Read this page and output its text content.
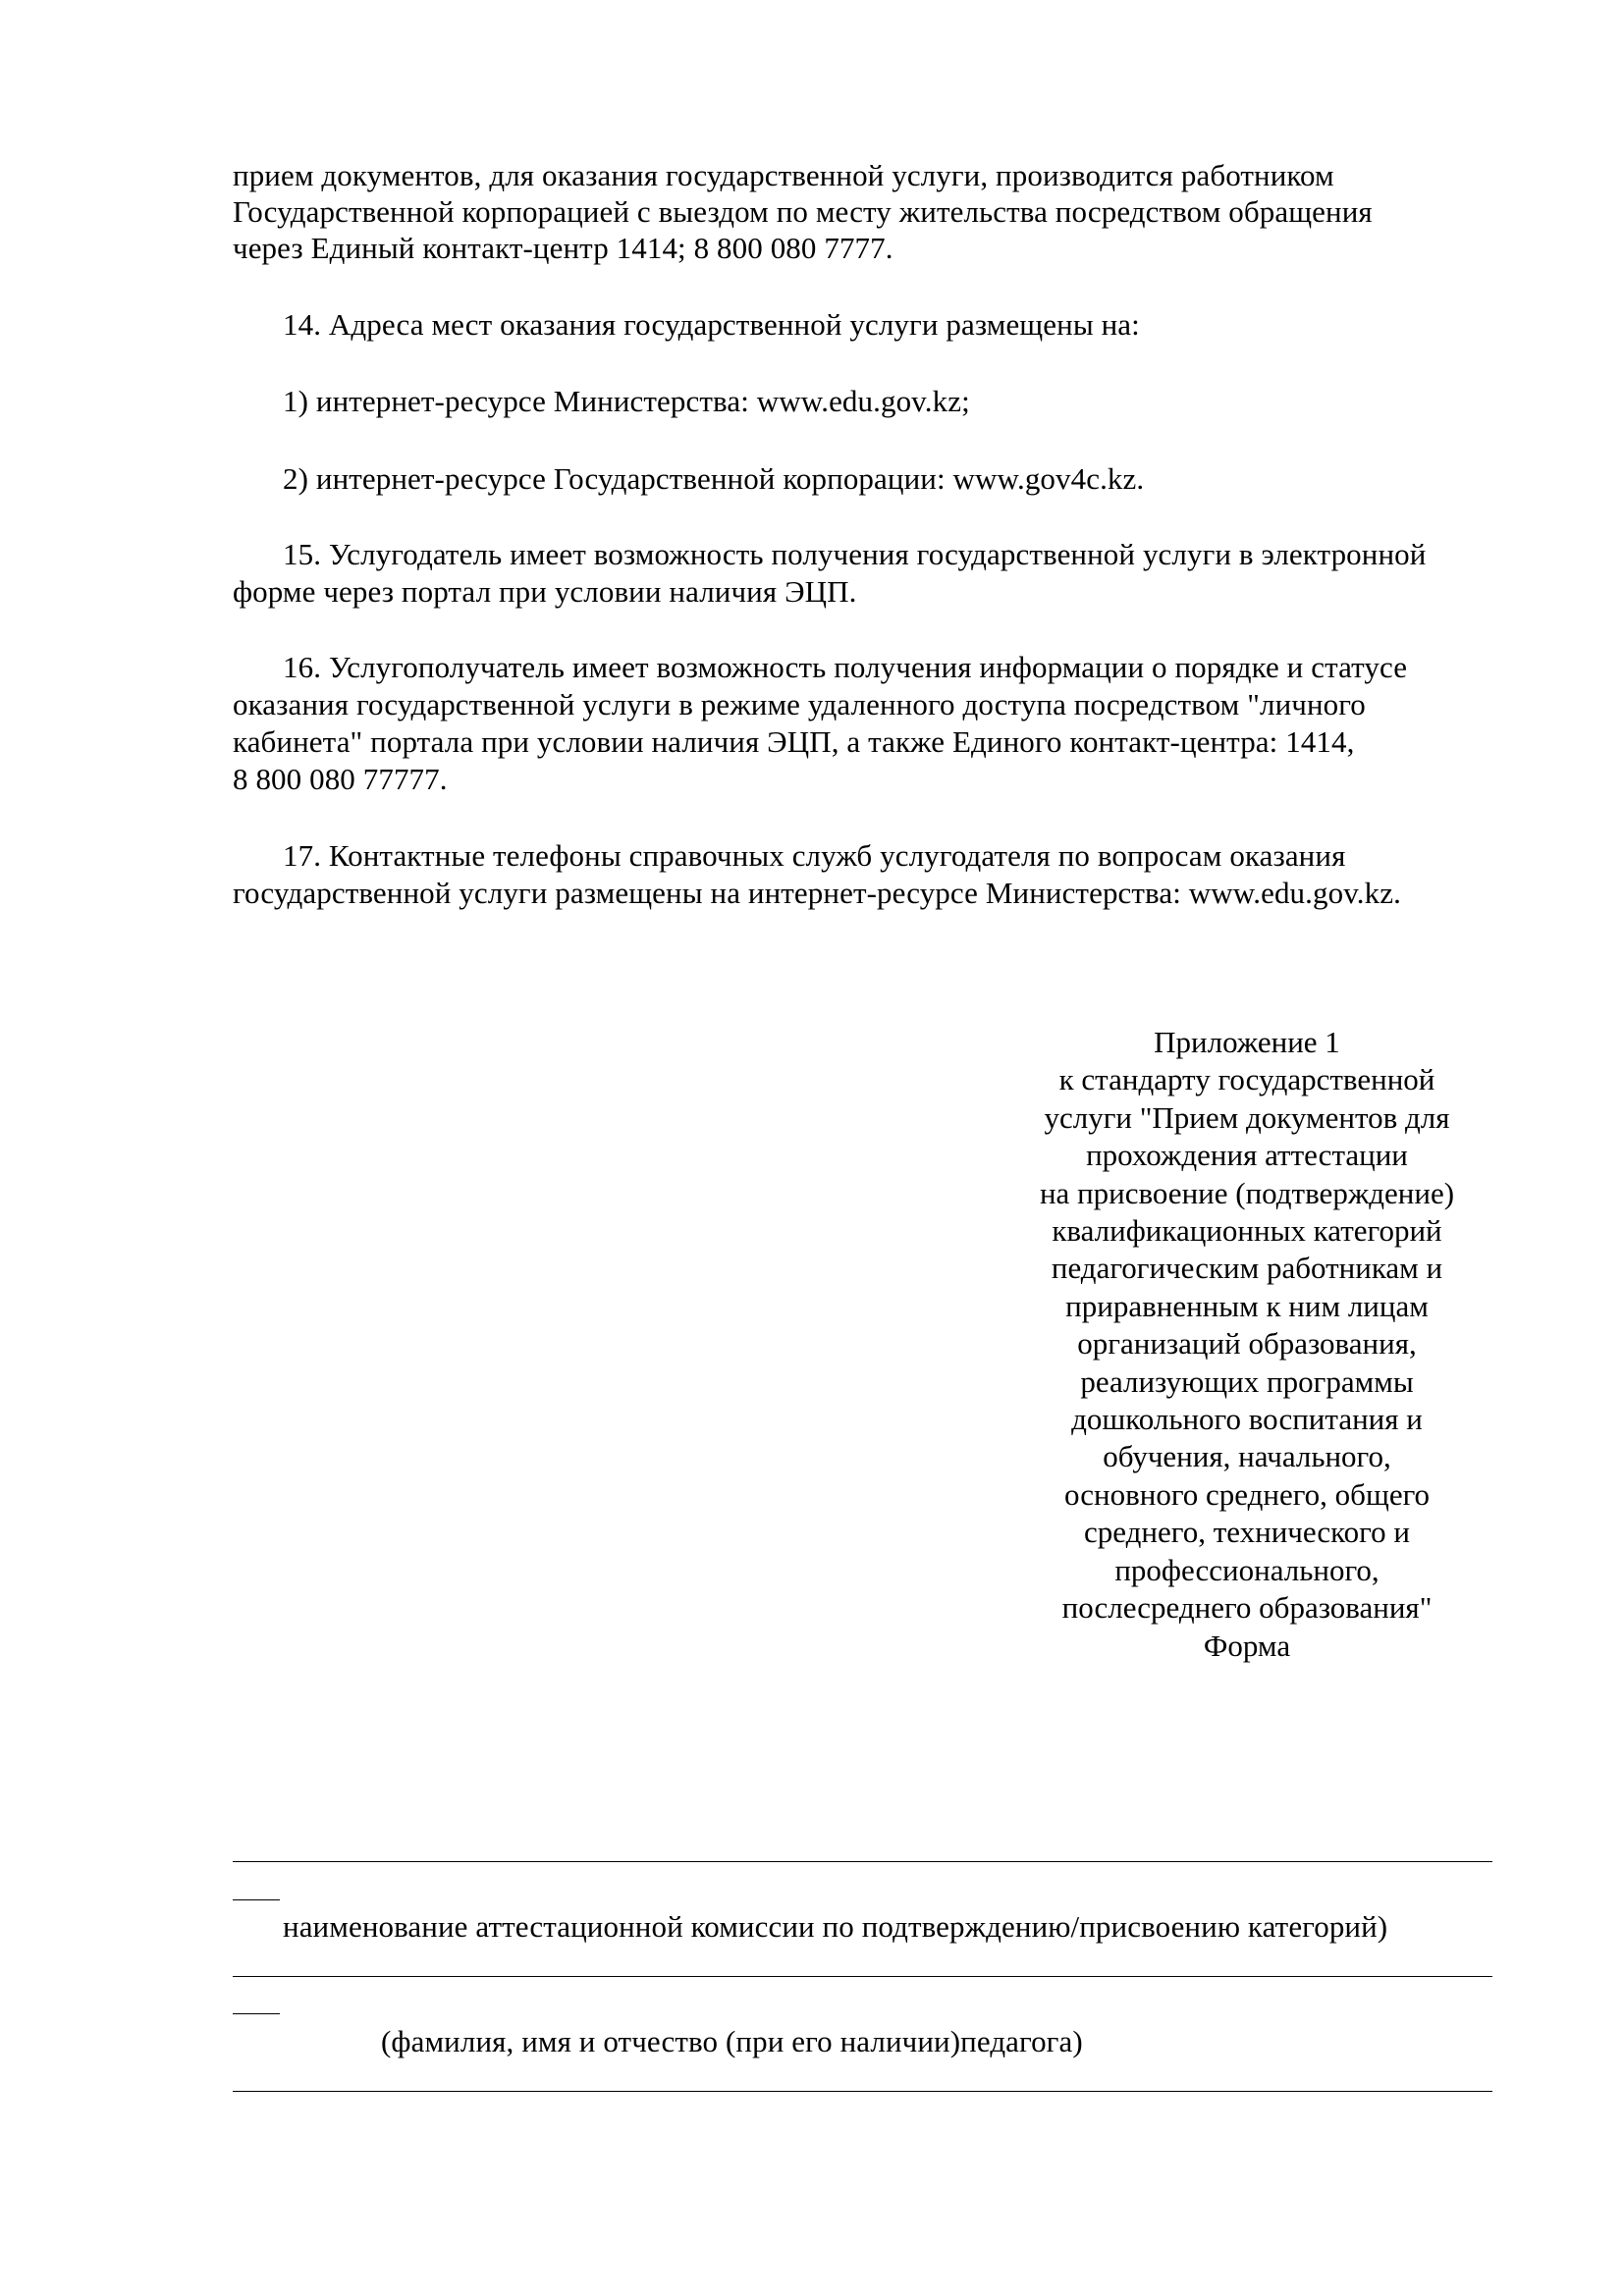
прием документов, для оказания государственной услуги, производится работником
Государственной корпорацией с выездом по месту жительства посредством обращения
через Единый контакт-центр 1414; 8 800 080 7777.
14. Адреса мест оказания государственной услуги размещены на:
1) интернет-ресурсе Министерства: www.edu.gov.kz;
2) интернет-ресурсе Государственной корпорации: www.gov4c.kz.
15. Услугодатель имеет возможность получения государственной услуги в электронной
форме через портал при условии наличия ЭЦП.
16. Услугополучатель имеет возможность получения информации о порядке и статусе
оказания государственной услуги в режиме удаленного доступа посредством "личного
кабинета" портала при условии наличия ЭЦП, а также Единого контакт-центра: 1414,
8 800 080 77777.
17. Контактные телефоны справочных служб услугодателя по вопросам оказания
государственной услуги размещены на интернет-ресурсе Министерства: www.edu.gov.kz.
Приложение 1
к стандарту государственной
услуги "Прием документов для
прохождения аттестации
на присвоение (подтверждение)
квалификационных категорий
педагогическим работникам и
приравненным к ним лицам
организаций образования,
реализующих программы
дошкольного воспитания и
обучения, начального,
основного среднего, общего
среднего, технического и
профессионального,
послесреднего образования"
Форма
наименование аттестационной комиссии по подтверждению/присвоению категорий)
(фамилия, имя и отчество (при его наличии)педагога)
